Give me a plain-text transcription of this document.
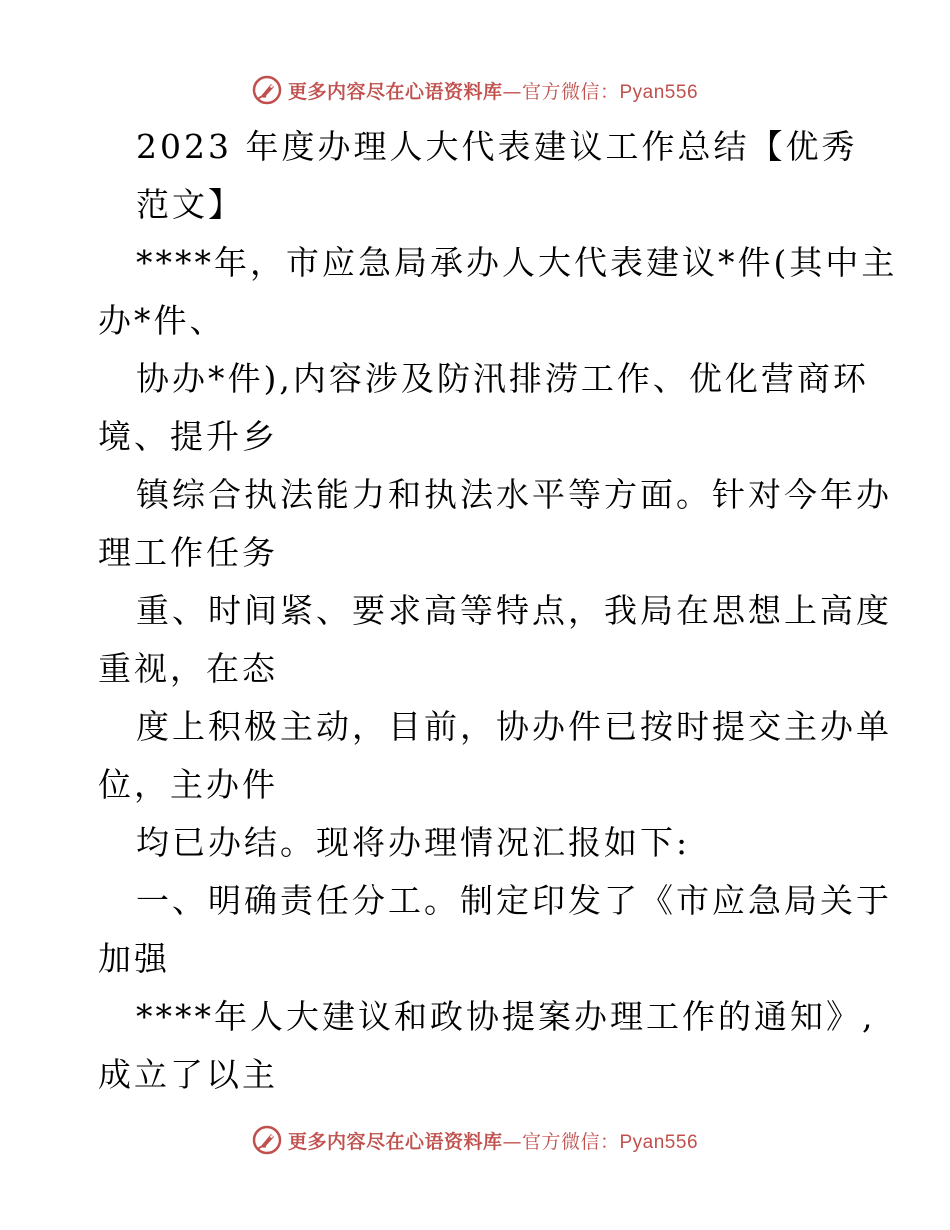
更多内容尽在心语资料库—官方微信：Pyan556
2023 年度办理人大代表建议工作总结【优秀
范文】
****年，市应急局承办人大代表建议*件(其中主
办*件、
协办*件),内容涉及防汛排涝工作、优化营商环
境、提升乡
镇综合执法能力和执法水平等方面。针对今年办
理工作任务
重、时间紧、要求高等特点，我局在思想上高度
重视，在态
度上积极主动，目前，协办件已按时提交主办单
位，主办件
均已办结。现将办理情况汇报如下:
一、明确责任分工。制定印发了《市应急局关于
加强
****年人大建议和政协提案办理工作的通知》,
成立了以主
更多内容尽在心语资料库—官方微信：Pyan556
